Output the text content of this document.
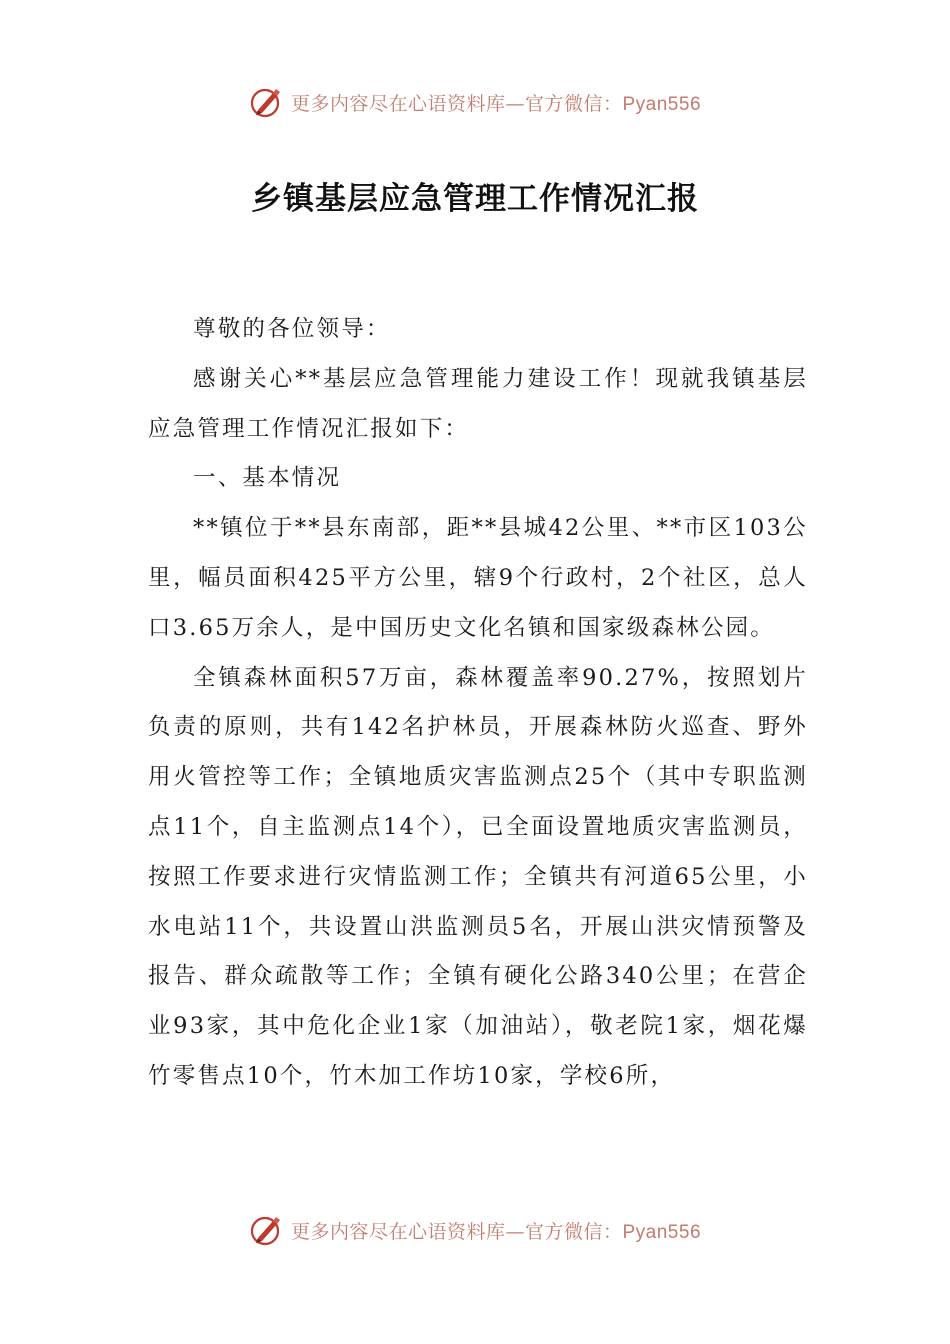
更多内容尽在心语资料库—官方微信：Pyan556
乡镇基层应急管理工作情况汇报

尊敬的各位领导：

感谢关心**基层应急管理能力建设工作！现就我镇基层应急管理工作情况汇报如下：

一、基本情况

**镇位于**县东南部，距**县城42公里、**市区103公里，幅员面积425平方公里，辖9个行政村，2个社区，总人口3.65万余人，是中国历史文化名镇和国家级森林公园。

全镇森林面积57万亩，森林覆盖率90.27%，按照划片负责的原则，共有142名护林员，开展森林防火巡查、野外用火管控等工作；全镇地质灾害监测点25个（其中专职监测点11个，自主监测点14个），已全面设置地质灾害监测员，按照工作要求进行灾情监测工作；全镇共有河道65公里，小水电站11个，共设置山洪监测员5名，开展山洪灾情预警及报告、群众疏散等工作；全镇有硬化公路340公里；在营企业93家，其中危化企业1家（加油站），敬老院1家，烟花爆竹零售点10个，竹木加工作坊10家，学校6所，

更多内容尽在心语资料库—官方微信：Pyan556
